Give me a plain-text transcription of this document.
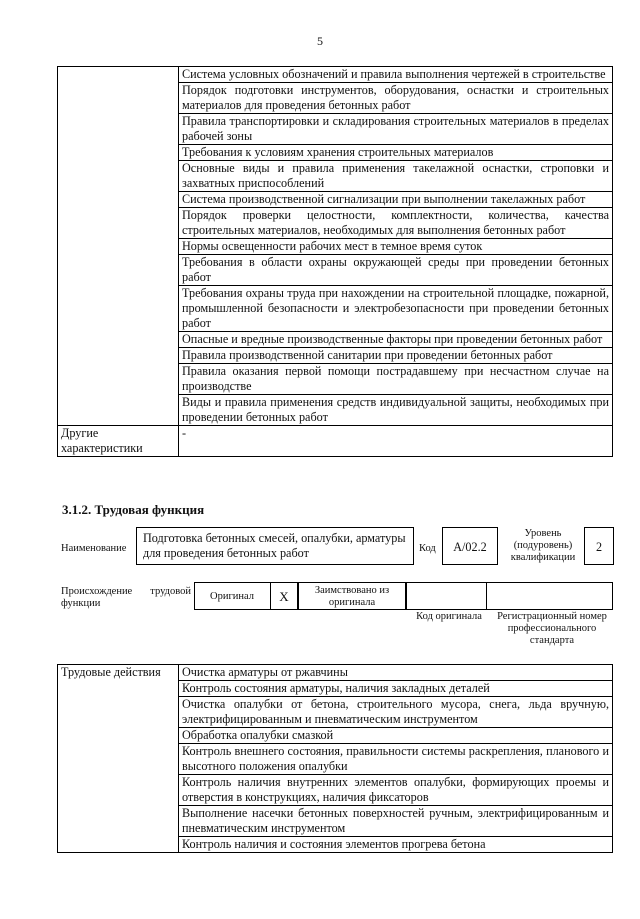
5
	Система условных обозначений и правила выполнения чертежей в строительстве
	Порядок подготовки инструментов, оборудования, оснастки и строительных материалов для проведения бетонных работ
	Правила транспортировки и складирования строительных материалов в пределах рабочей зоны
	Требования к условиям хранения строительных материалов
	Основные виды и правила применения такелажной оснастки, строповки и захватных приспособлений
	Система производственной сигнализации при выполнении такелажных работ
	Порядок проверки целостности, комплектности, количества, качества строительных материалов, необходимых для выполнения бетонных работ
	Нормы освещенности рабочих мест в темное время суток
	Требования в области охраны окружающей среды при проведении бетонных работ
	Требования охраны труда при нахождении на строительной площадке, пожарной, промышленной безопасности и электробезопасности при проведении бетонных работ
	Опасные и вредные производственные факторы при проведении бетонных работ
	Правила производственной санитарии при проведении бетонных работ
	Правила оказания первой помощи пострадавшему при несчастном случае на производстве
	Виды и правила применения средств индивидуальной защиты, необходимых при проведении бетонных работ
Другие характеристики	-
3.1.2. Трудовая функция
Наименование
Подготовка бетонных смесей, опалубки, арматуры для проведения бетонных работ	Код	А/02.2
Уровень (подуровень) квалификации
2
Происхождение трудовой функции
Оригинал	X	Заимствовано из оригинала
Код оригинала	Регистрационный номер профессионального стандарта
Трудовые действия	Очистка арматуры от ржавчины
Контроль состояния арматуры, наличия закладных деталей
Очистка опалубки от бетона, строительного мусора, снега, льда вручную, электрифицированным и пневматическим инструментом
Обработка опалубки смазкой
Контроль внешнего состояния, правильности системы раскрепления, планового и высотного положения опалубки
Контроль наличия внутренних элементов опалубки, формирующих проемы и отверстия в конструкциях, наличия фиксаторов
Выполнение насечки бетонных поверхностей ручным, электрифицированным и пневматическим инструментом
Контроль наличия и состояния элементов прогрева бетона
